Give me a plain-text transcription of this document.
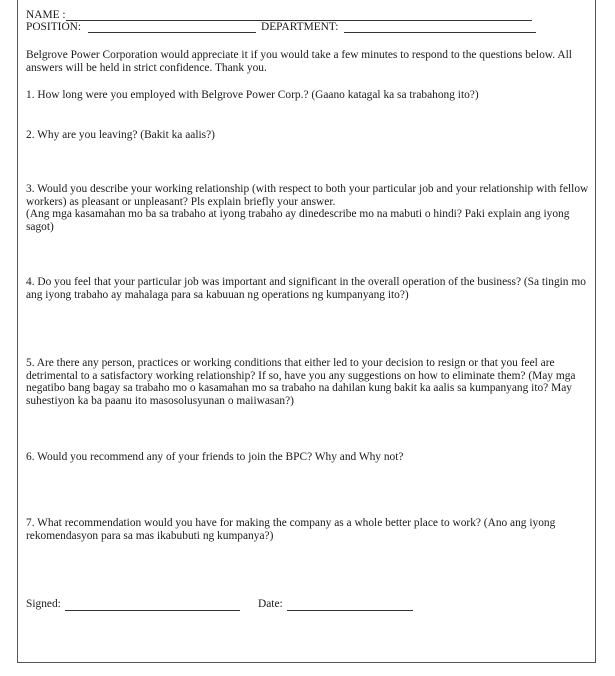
NAME :
POSITION:	DEPARTMENT:
Belgrove Power Corporation would appreciate it if you would take a few minutes to respond to the questions below. All answers will be held in strict confidence. Thank you.
1. How long were you employed with Belgrove Power Corp.? (Gaano katagal ka sa trabahong ito?)
2. Why are you leaving? (Bakit ka aalis?)
3. Would you describe your working relationship (with respect to both your particular job and your relationship with fellow workers) as pleasant or unpleasant? Pls explain briefly your answer.
(Ang mga kasamahan mo ba sa trabaho at iyong trabaho ay dinedescribe mo na mabuti o hindi? Paki explain ang iyong sagot)
4. Do you feel that your particular job was important and significant in the overall operation of the business? (Sa tingin mo ang iyong trabaho ay mahalaga para sa kabuuan ng operations ng kumpanyang ito?)
5. Are there any person, practices or working conditions that either led to your decision to resign or that you feel are detrimental to a satisfactory working relationship? If so, have you any suggestions on how to eliminate them? (May mga negatibo bang bagay sa trabaho mo o kasamahan mo sa trabaho na dahilan kung bakit ka aalis sa kumpanyang ito? May suhestiyon ka ba paanu ito masosolusyunan o maiiwasan?)
6. Would you recommend any of your friends to join the BPC? Why and Why not?
7. What recommendation would you have for making the company as a whole better place to work? (Ano ang iyong rekomendasyon para sa mas ikabubuti ng kumpanya?)
Signed:	Date:
